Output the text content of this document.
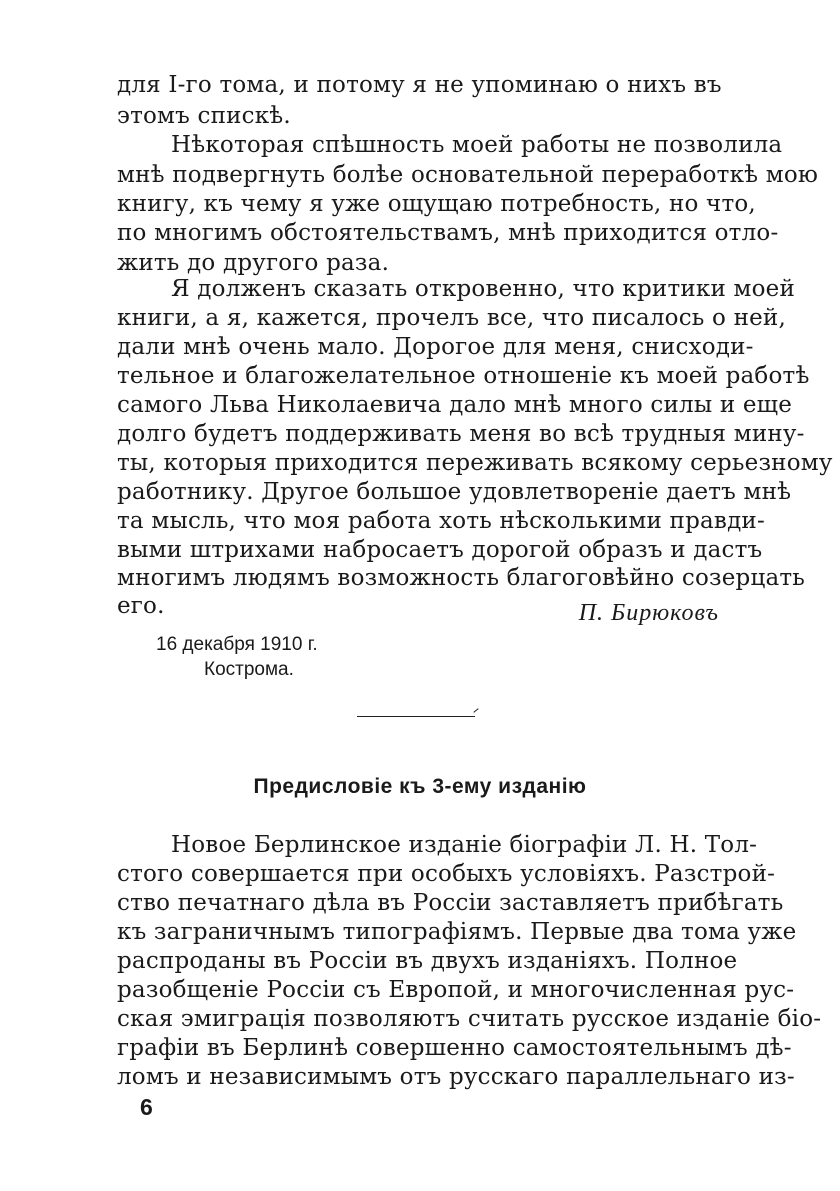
для I-го тома, и потому я не упоминаю о нихъ въ
этомъ спискѣ.
Нѣкоторая спѣшность моей работы не позволила
мнѣ подвергнуть болѣе основательной переработкѣ мою
книгу, къ чему я уже ощущаю потребность, но что,
по многимъ обстоятельствамъ, мнѣ приходится отло-
жить до другого раза.
Я долженъ сказать откровенно, что критики моей
книги, а я, кажется, прочелъ все, что писалось о ней,
дали мнѣ очень мало. Дорогое для меня, снисходи-
тельное и благожелательное отношеніе къ моей работѣ
самого Льва Николаевича дало мнѣ много силы и еще
долго будетъ поддерживать меня во всѣ трудныя мину-
ты, которыя приходится переживать всякому серьезному
работнику. Другое большое удовлетвореніе даетъ мнѣ
та мысль, что моя работа хоть нѣсколькими правди-
выми штрихами набросаетъ дорогой образъ и дастъ
многимъ людямъ возможность благоговѣйно созерцать
его.	П. Бирюковъ
16 декабря 1910 г.
Кострома.
Предисловіе къ 3-ему изданію
Новое Берлинское изданіе біографіи Л. Н. Тол-
стого совершается при особыхъ условіяхъ. Разстрой-
ство печатнаго дѣла въ Россіи заставляетъ прибѣгать
къ заграничнымъ типографіямъ. Первые два тома уже
распроданы въ Россіи въ двухъ изданіяхъ. Полное
разобщеніе Россіи съ Европой, и многочисленная рус-
ская эмиграція позволяютъ считать русское изданіе біо-
графіи въ Берлинѣ совершенно самостоятельнымъ дѣ-
ломъ и независимымъ отъ русскаго параллельнаго из-
6
